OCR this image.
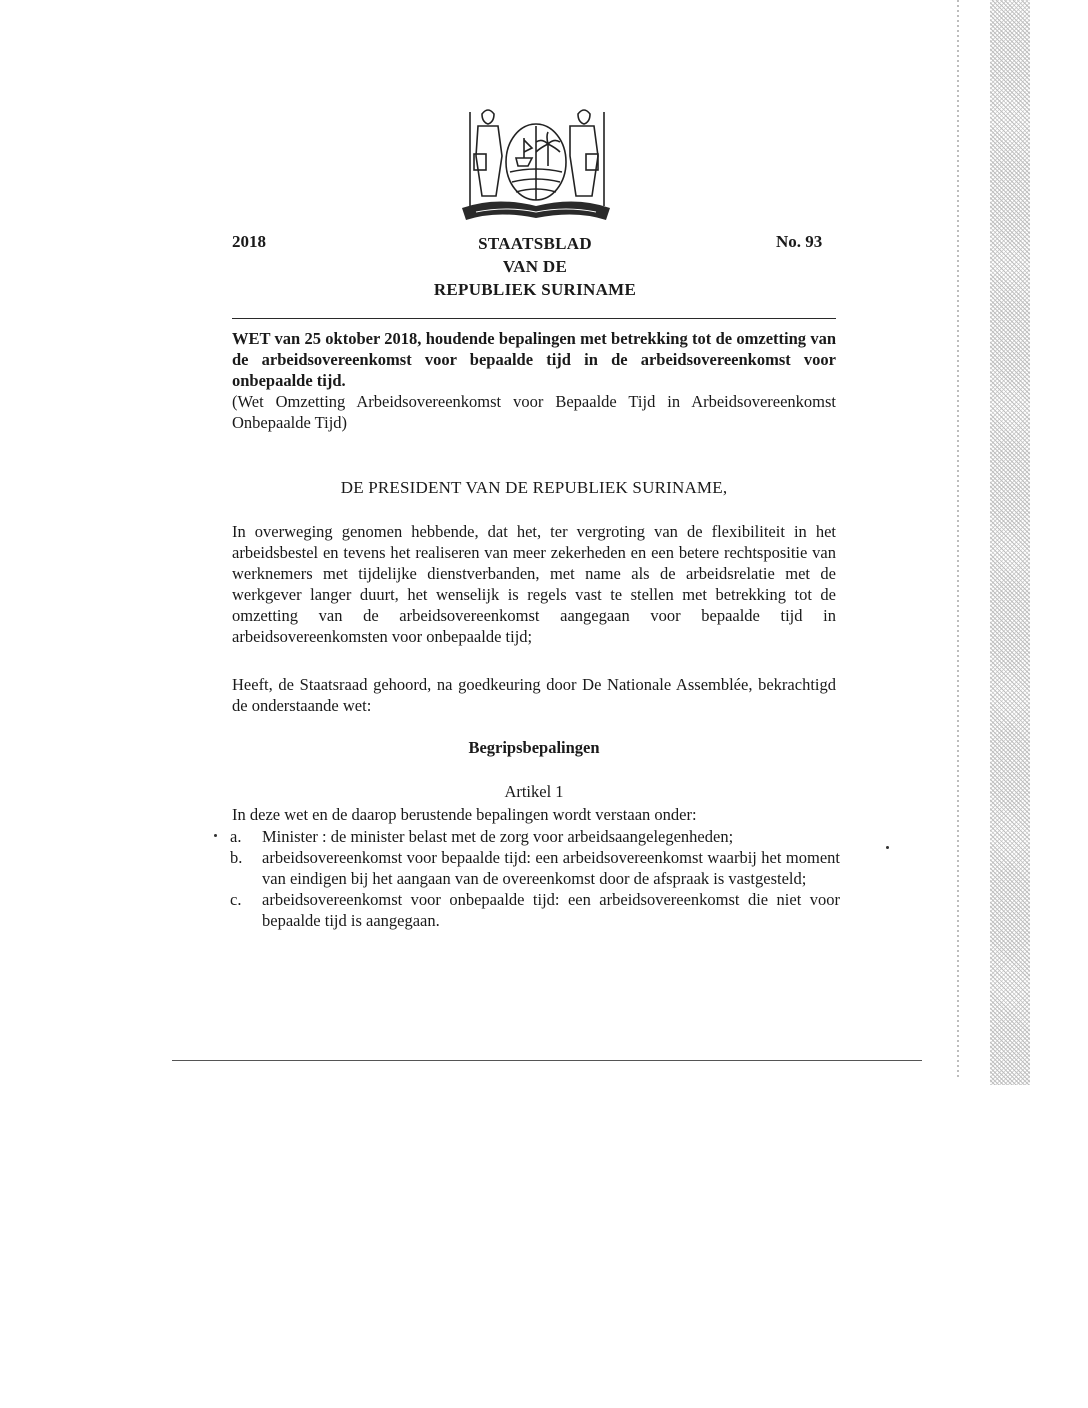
2018	STAATSBLAD
VAN DE
REPUBLIEK SURINAME
No. 93
WET van 25 oktober 2018, houdende bepalingen met betrekking tot de omzetting van de arbeidsovereenkomst voor bepaalde tijd in de arbeidsovereenkomst voor onbepaalde tijd.
(Wet Omzetting Arbeidsovereenkomst voor Bepaalde Tijd in Arbeidsovereenkomst Onbepaalde Tijd)
DE PRESIDENT VAN DE REPUBLIEK SURINAME,
In overweging genomen hebbende, dat het, ter vergroting van de flexibiliteit in het arbeidsbestel en tevens het realiseren van meer zekerheden en een betere rechtspositie van werknemers met tijdelijke dienstverbanden, met name als de arbeidsrelatie met de werkgever langer duurt, het wenselijk is regels vast te stellen met betrekking tot de omzetting van de arbeidsovereenkomst aangegaan voor bepaalde tijd in arbeidsovereenkomsten voor onbepaalde tijd;
Heeft, de Staatsraad gehoord, na goedkeuring door De Nationale Assemblée, bekrachtigd de onderstaande wet:
Begripsbepalingen
Artikel 1
In deze wet en de daarop berustende bepalingen wordt verstaan onder:
a.	Minister : de minister belast met de zorg voor arbeidsaangelegenheden;
b.	arbeidsovereenkomst voor bepaalde tijd: een arbeidsovereenkomst waarbij het moment van eindigen bij het aangaan van de overeenkomst door de afspraak is vastgesteld;
c.	arbeidsovereenkomst voor onbepaalde tijd: een arbeidsovereenkomst die niet voor bepaalde tijd is aangegaan.
